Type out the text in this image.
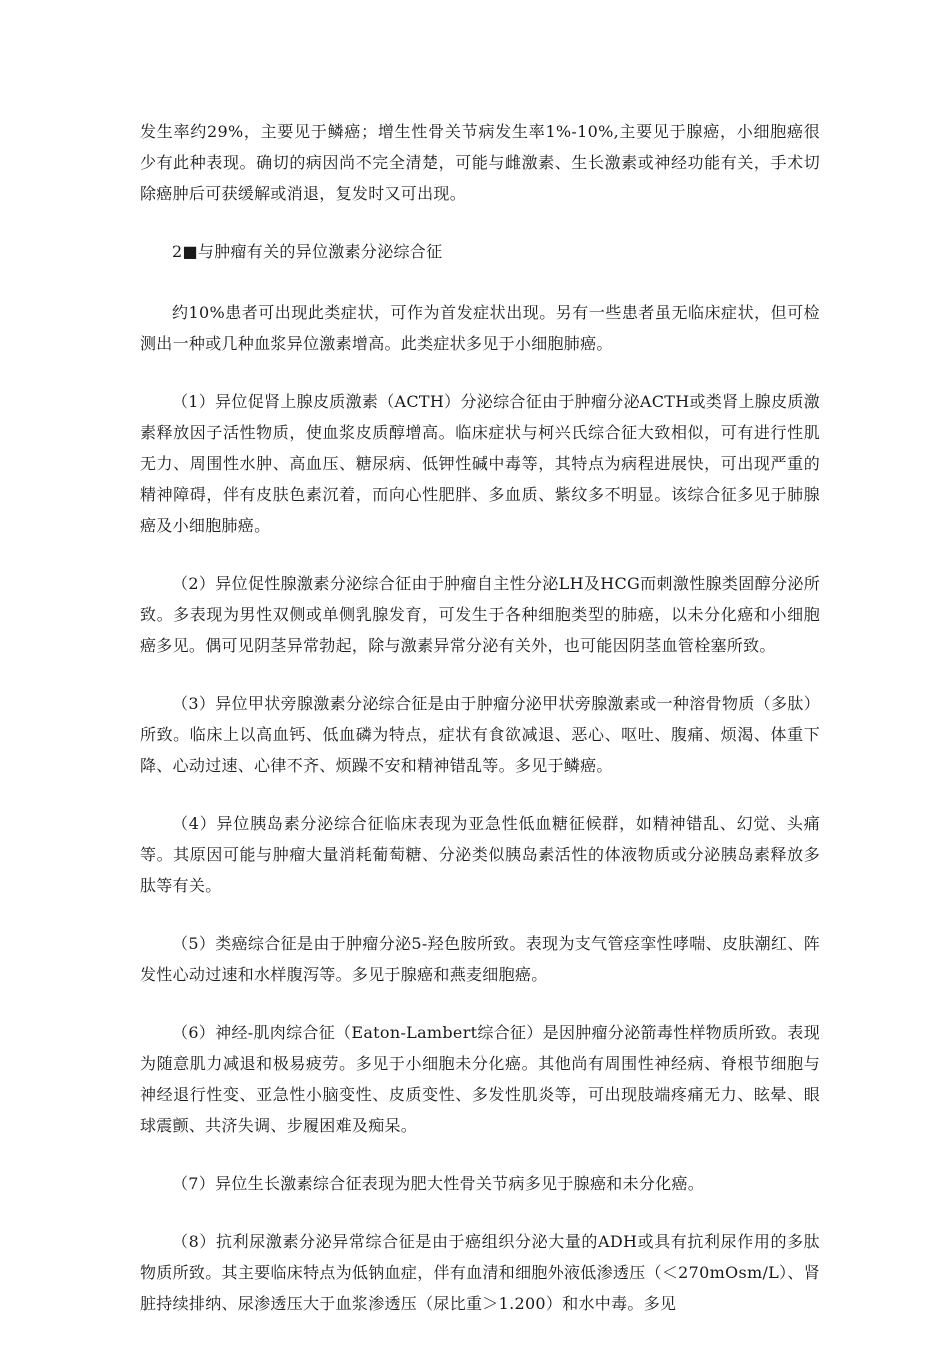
发生率约29%，主要见于鳞癌；增生性骨关节病发生率1%-10%,主要见于腺癌，小细胞癌很少有此种表现。确切的病因尚不完全清楚，可能与雌激素、生长激素或神经功能有关，手术切除癌肿后可获缓解或消退，复发时又可出现。

2■与肿瘤有关的异位激素分泌综合征

约10%患者可出现此类症状，可作为首发症状出现。另有一些患者虽无临床症状，但可检测出一种或几种血浆异位激素增高。此类症状多见于小细胞肺癌。

（1）异位促肾上腺皮质激素（ACTH）分泌综合征由于肿瘤分泌ACTH或类肾上腺皮质激素释放因子活性物质，使血浆皮质醇增高。临床症状与柯兴氏综合征大致相似，可有进行性肌无力、周围性水肿、高血压、糖尿病、低钾性碱中毒等，其特点为病程进展快，可出现严重的精神障碍，伴有皮肤色素沉着，而向心性肥胖、多血质、紫纹多不明显。该综合征多见于肺腺癌及小细胞肺癌。

（2）异位促性腺激素分泌综合征由于肿瘤自主性分泌LH及HCG而刺激性腺类固醇分泌所致。多表现为男性双侧或单侧乳腺发育，可发生于各种细胞类型的肺癌，以未分化癌和小细胞癌多见。偶可见阴茎异常勃起，除与激素异常分泌有关外，也可能因阴茎血管栓塞所致。

（3）异位甲状旁腺激素分泌综合征是由于肿瘤分泌甲状旁腺激素或一种溶骨物质（多肽）所致。临床上以高血钙、低血磷为特点，症状有食欲减退、恶心、呕吐、腹痛、烦渴、体重下降、心动过速、心律不齐、烦躁不安和精神错乱等。多见于鳞癌。

（4）异位胰岛素分泌综合征临床表现为亚急性低血糖征候群，如精神错乱、幻觉、头痛等。其原因可能与肿瘤大量消耗葡萄糖、分泌类似胰岛素活性的体液物质或分泌胰岛素释放多肽等有关。

（5）类癌综合征是由于肿瘤分泌5-羟色胺所致。表现为支气管痉挛性哮喘、皮肤潮红、阵发性心动过速和水样腹泻等。多见于腺癌和燕麦细胞癌。

（6）神经-肌肉综合征（Eaton-Lambert综合征）是因肿瘤分泌箭毒性样物质所致。表现为随意肌力减退和极易疲劳。多见于小细胞未分化癌。其他尚有周围性神经病、脊根节细胞与神经退行性变、亚急性小脑变性、皮质变性、多发性肌炎等，可出现肢端疼痛无力、眩晕、眼球震颤、共济失调、步履困难及痴呆。

（7）异位生长激素综合征表现为肥大性骨关节病多见于腺癌和未分化癌。

（8）抗利尿激素分泌异常综合征是由于癌组织分泌大量的ADH或具有抗利尿作用的多肽物质所致。其主要临床特点为低钠血症，伴有血清和细胞外液低渗透压（＜270mOsm/L）、肾脏持续排纳、尿渗透压大于血浆渗透压（尿比重＞1.200）和水中毒。多见
